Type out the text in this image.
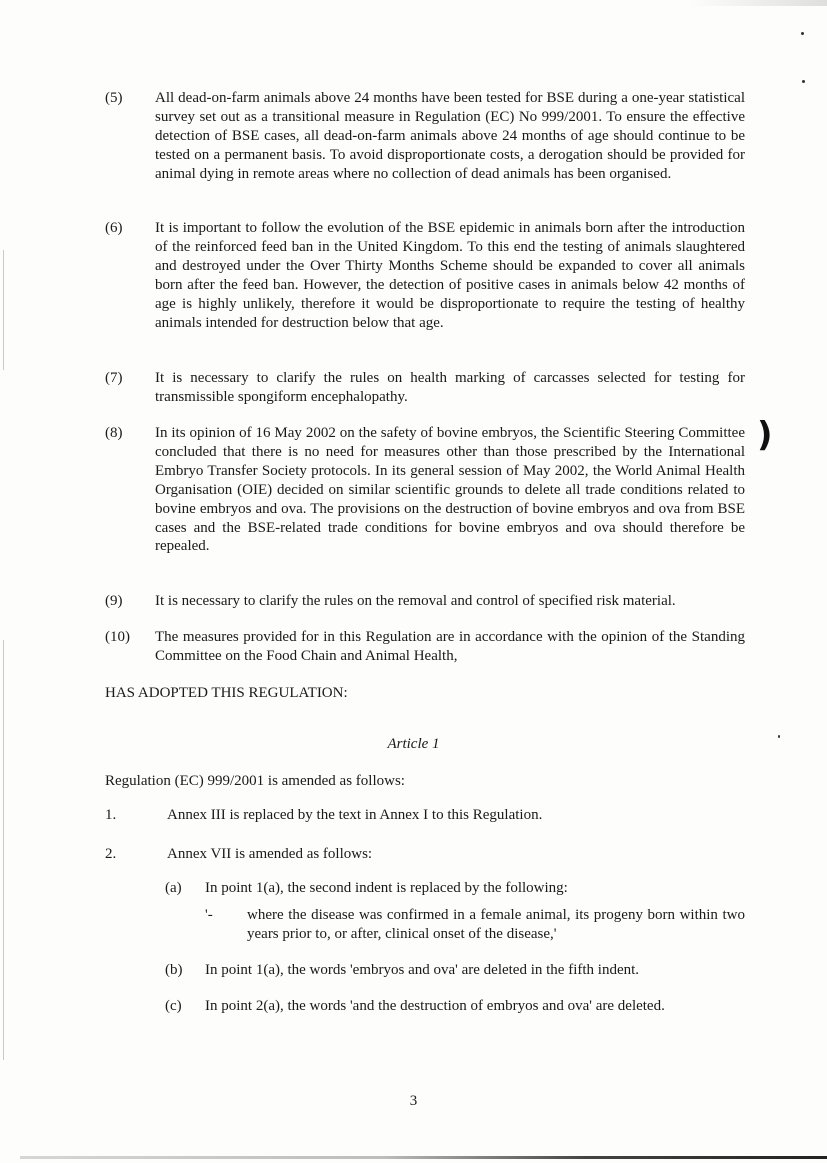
)
(5)	All dead-on-farm animals above 24 months have been tested for BSE during a one-year statistical survey set out as a transitional measure in Regulation (EC) No 999/2001. To ensure the effective detection of BSE cases, all dead-on-farm animals above 24 months of age should continue to be tested on a permanent basis. To avoid disproportionate costs, a derogation should be provided for animal dying in remote areas where no collection of dead animals has been organised.
(6)	It is important to follow the evolution of the BSE epidemic in animals born after the introduction of the reinforced feed ban in the United Kingdom. To this end the testing of animals slaughtered and destroyed under the Over Thirty Months Scheme should be expanded to cover all animals born after the feed ban. However, the detection of positive cases in animals below 42 months of age is highly unlikely, therefore it would be disproportionate to require the testing of healthy animals intended for destruction below that age.
(7)	It is necessary to clarify the rules on health marking of carcasses selected for testing for transmissible spongiform encephalopathy.
(8)	In its opinion of 16 May 2002 on the safety of bovine embryos, the Scientific Steering Committee concluded that there is no need for measures other than those prescribed by the International Embryo Transfer Society protocols. In its general session of May 2002, the World Animal Health Organisation (OIE) decided on similar scientific grounds to delete all trade conditions related to bovine embryos and ova. The provisions on the destruction of bovine embryos and ova from BSE cases and the BSE-related trade conditions for bovine embryos and ova should therefore be repealed.
(9)	It is necessary to clarify the rules on the removal and control of specified risk material.
(10)	The measures provided for in this Regulation are in accordance with the opinion of the Standing Committee on the Food Chain and Animal Health,
HAS ADOPTED THIS REGULATION:
Article 1
Regulation (EC) 999/2001 is amended as follows:
1.	Annex III is replaced by the text in Annex I to this Regulation.
2.	Annex VII is amended as follows:
(a) In point 1(a), the second indent is replaced by the following:
'- where the disease was confirmed in a female animal, its progeny born within two years prior to, or after, clinical onset of the disease,'
(b) In point 1(a), the words 'embryos and ova' are deleted in the fifth indent.
(c) In point 2(a), the words 'and the destruction of embryos and ova' are deleted.
3
